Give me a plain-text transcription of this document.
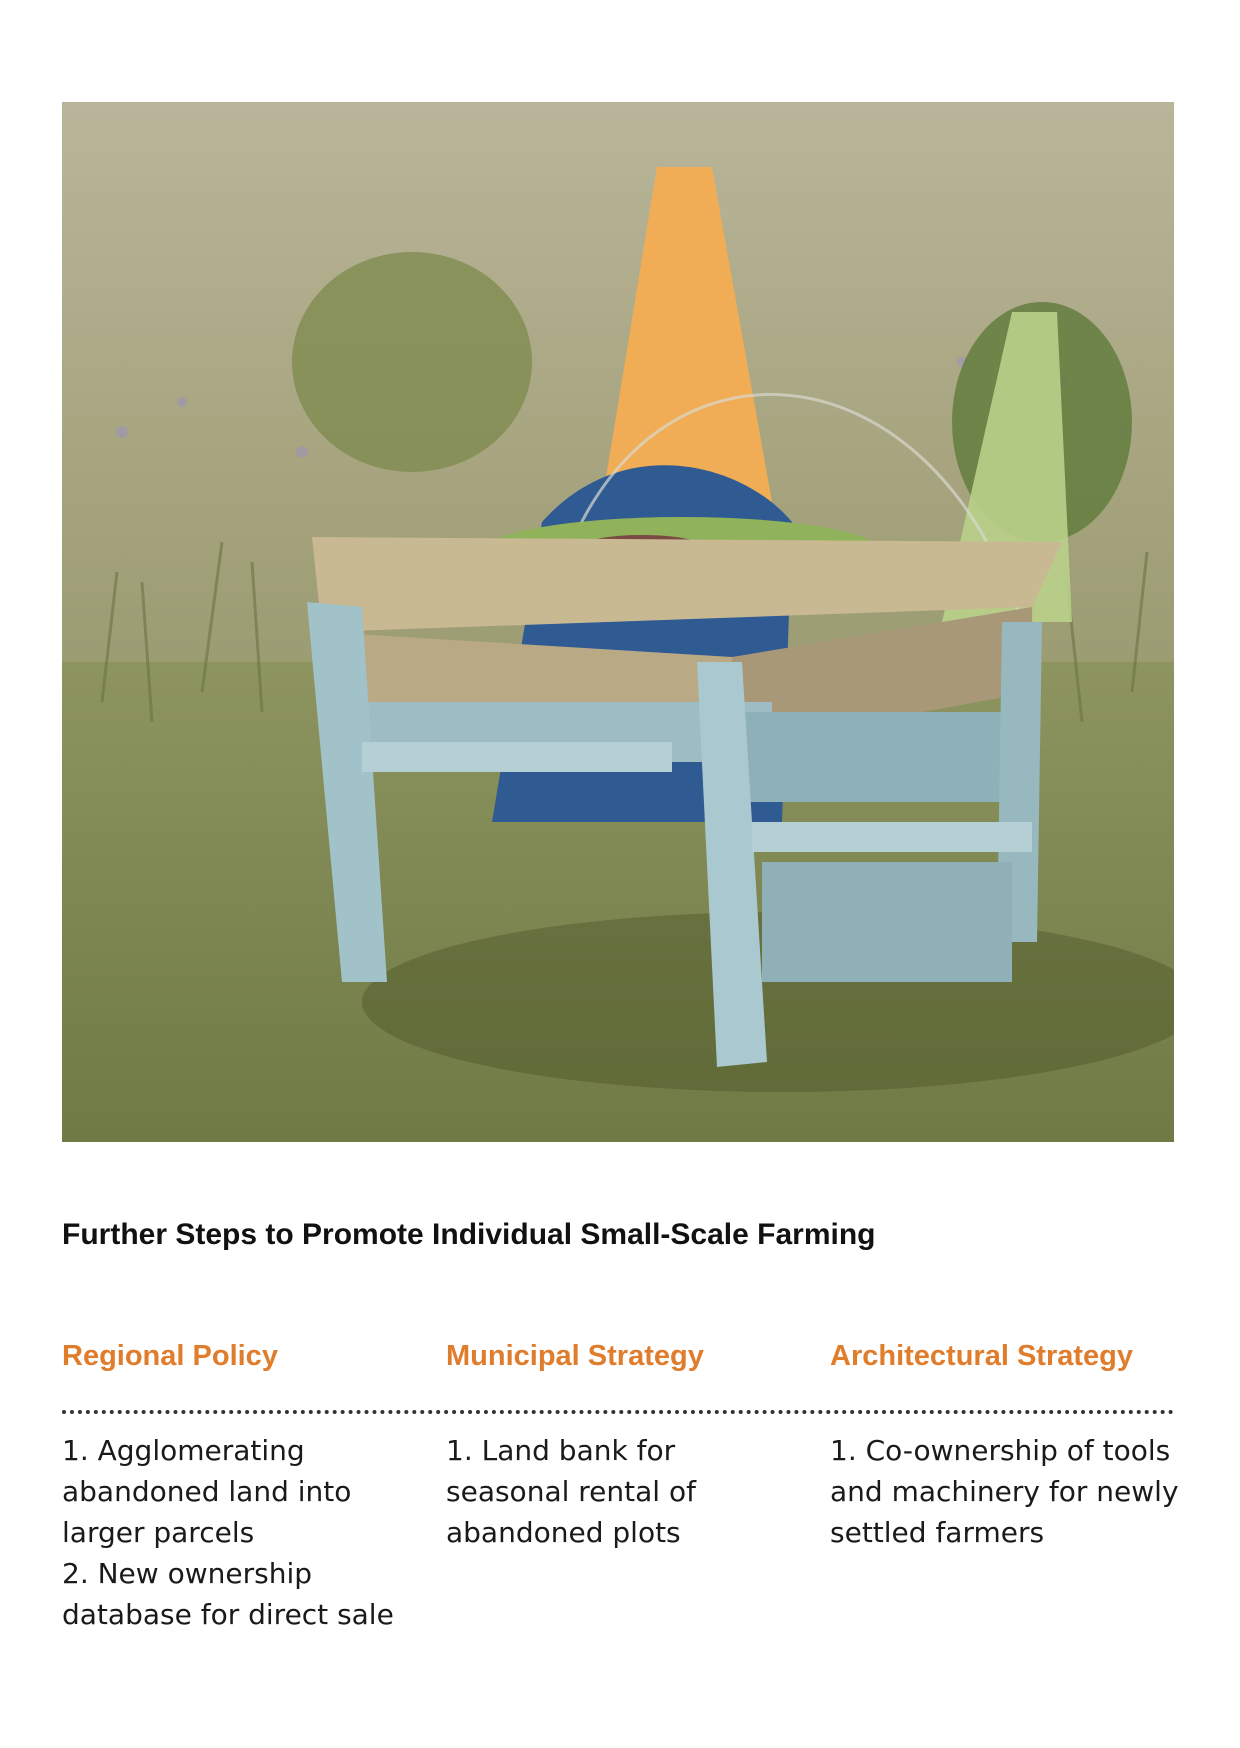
Further Steps to Promote Individual Small-Scale Farming
Regional Policy	Municipal Strategy	Architectural Strategy

1. Agglomerating abandoned land into larger parcels

2. New ownership database for direct sale

1. Land bank for seasonal rental of abandoned plots

1. Co-ownership of tools and machinery for newly settled farmers
